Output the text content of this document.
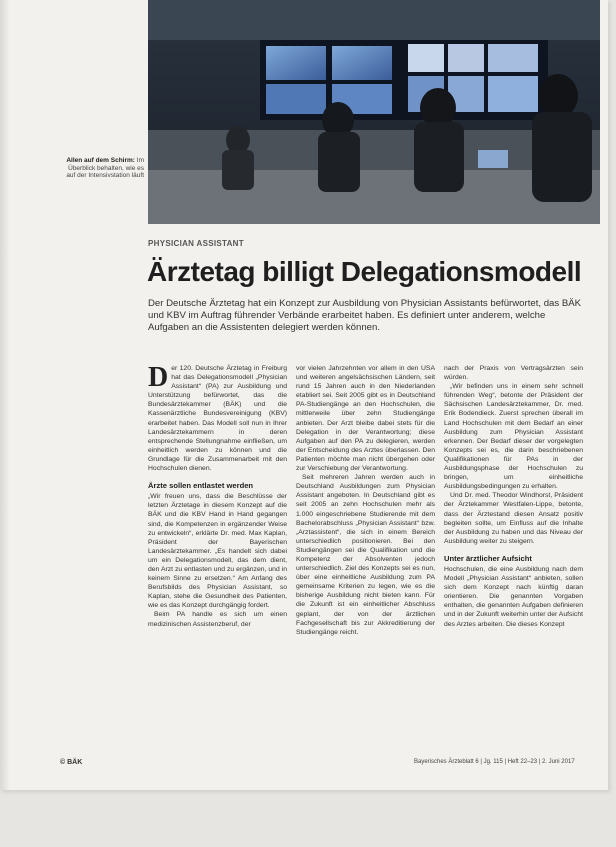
Allen auf dem Schirm: Im Überblick behalten, wie es auf der Intensivstation läuft
PHYSICIAN ASSISTANT
Ärztetag billigt Delegationsmodell
Der Deutsche Ärztetag hat ein Konzept zur Ausbildung von Physician Assistants befürwortet, das BÄK und KBV im Auftrag führender Verbände erarbeitet haben. Es definiert unter anderem, welche Aufgaben an die Assistenten delegiert werden können.

Der 120. Deutsche Ärztetag in Freiburg hat das Delegationsmodell „Physician Assistant“ (PA) zur Ausbildung und Unterstützung befürwortet, das die Bundesärztekammer (BÄK) und die Kassenärztliche Bundesvereinigung (KBV) erarbeitet haben. Das Modell soll nun in Ihrer Landesärztekammern in deren entsprechende Stellungnahme einfließen, um einheitlich werden zu können und die Grundlage für die Zusammenarbeit mit den Hochschulen dienen.

Ärzte sollen entlastet werden

„Wir freuen uns, dass die Beschlüsse der letzten Ärztetage in diesem Konzept auf die BÄK und die KBV Hand in Hand gegangen sind, die Kompetenzen in ergänzender Weise zu entwickeln“, erklärte Dr. med. Max Kaplan, Präsident der Bayerischen Landesärztekammer. „Es handelt sich dabei um ein Delegationsmodell, das dem dient, den Arzt zu entlasten und zu ergänzen, und in keinem Sinne zu ersetzen.“ Am Anfang des Berufsbilds des Physician Assistant, so Kaplan, stehe die Gesundheit des Patienten, wie es das Konzept durchgängig fordert.

Beim PA handle es sich um einen medizinischen Assistenzberuf, der

vor vielen Jahrzehnten vor allem in den USA und weiteren angelsächsischen Ländern, seit rund 15 Jahren auch in den Niederlanden etabliert sei. Seit 2005 gibt es in Deutschland PA-Studiengänge an den Hochschulen, die mittlerweile über zehn Studiengänge anbieten. Der Arzt bleibe dabei stets für die Delegation in der Verantwortung; diese Aufgaben auf den PA zu delegieren, werden der Entscheidung des Arztes überlassen. Den Patienten möchte man nicht übergehen oder zur Verschiebung der Verantwortung.

Seit mehreren Jahren werden auch in Deutschland Ausbildungen zum Physician Assistant angeboten. In Deutschland gibt es seit 2005 an zehn Hochschulen mehr als 1.000 eingeschriebene Studierende mit dem Bachelorabschluss „Physician Assistant“ bzw. „Arztassistent“, die sich in einem Bereich unterschiedlich positionieren. Bei den Studiengängen sei die Qualifikation und die Kompetenz der Absolventen jedoch unterschiedlich. Ziel des Konzepts sei es nun, über eine einheitliche Ausbildung zum PA gemeinsame Kriterien zu legen, wie es die bisherige Ausbildung nicht bieten kann. Für die Zukunft ist ein einheitlicher Abschluss geplant, der von der ärztlichen Fachgesellschaft bis zur Akkreditierung der Studiengänge reicht.

nach der Praxis von Vertragsärzten sein würden.

„Wir befinden uns in einem sehr schnell führenden Weg“, betonte der Präsident der Sächsischen Landesärztekammer, Dr. med. Erik Bodendieck. Zuerst sprechen überall im Land Hochschulen mit dem Bedarf an einer Ausbildung zum Physician Assistant erkennen. Der Bedarf dieser der vorgelegten Konzepts sei es, die darin beschriebenen Qualifikationen für PAs in der Ausbildungsphase der Hochschulen zu bringen, um einheitliche Ausbildungsbedingungen zu erhalten.

Und Dr. med. Theodor Windhorst, Präsident der Ärztekammer Westfalen-Lippe, betonte, dass der Ärztestand diesen Ansatz positiv begleiten sollte, um Einfluss auf die Inhalte der Ausbildung zu haben und das Niveau der Ausbildung weiter zu steigern.

Unter ärztlicher Aufsicht

Hochschulen, die eine Ausbildung nach dem Modell „Physician Assistant“ anbieten, sollen sich dem Konzept nach künftig daran orientieren. Die genannten Vorgaben enthalten, die genannten Aufgaben definieren und in der Zukunft weiterhin unter der Aufsicht des Arztes arbeiten. Die dieses Konzept

© BÄK	Bayerisches Ärzteblatt 6 | Jg. 115 | Heft 22–23 | 2. Juni 2017
